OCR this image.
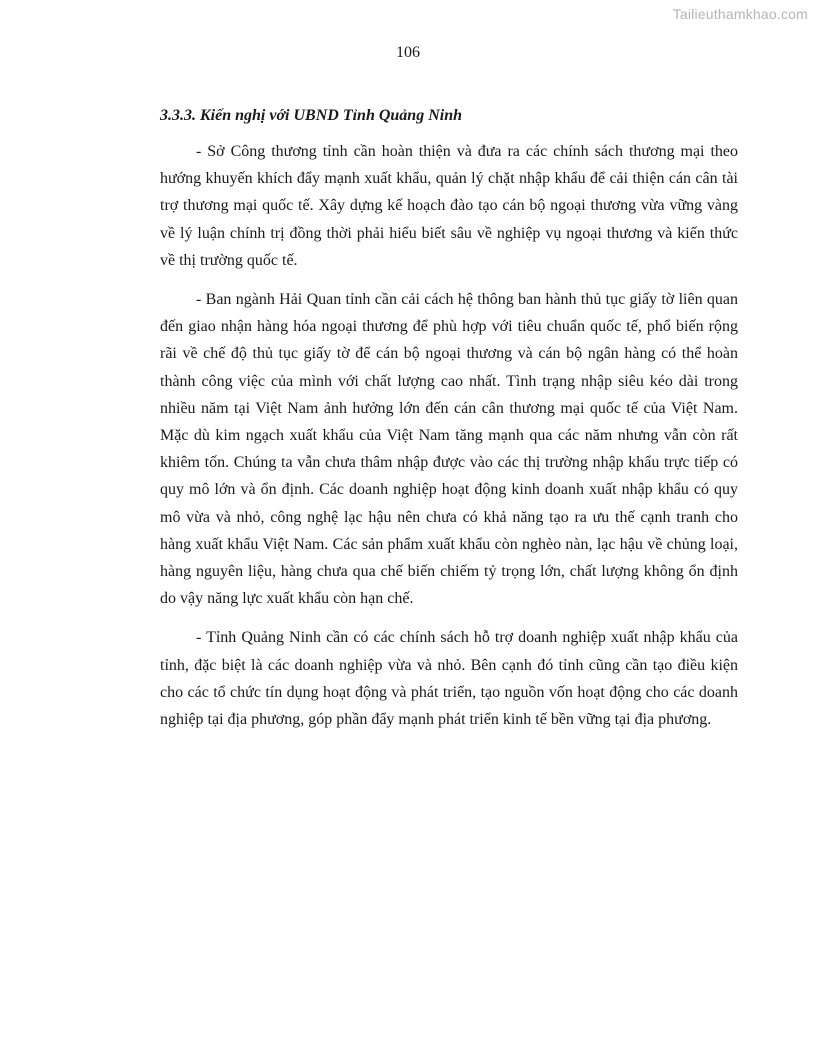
Tailieuthamkhao.com
106
3.3.3. Kiến nghị với UBND Tỉnh Quảng Ninh

- Sở Công thương tỉnh cần hoàn thiện và đưa ra các chính sách thương mại theo hướng khuyến khích đẩy mạnh xuất khẩu, quản lý chặt nhập khẩu để cải thiện cán cân tài trợ thương mại quốc tế. Xây dựng kế hoạch đào tạo cán bộ ngoại thương vừa vững vàng về lý luận chính trị đồng thời phải hiểu biết sâu về nghiệp vụ ngoại thương và kiến thức về thị trường quốc tế.

- Ban ngành Hải Quan tỉnh cần cải cách hệ thông ban hành thủ tục giấy tờ liên quan đến giao nhận hàng hóa ngoại thương để phù hợp với tiêu chuẩn quốc tế, phổ biến rộng rãi về chế độ thủ tục giấy tờ để cán bộ ngoại thương và cán bộ ngân hàng có thể hoàn thành công việc của mình với chất lượng cao nhất. Tình trạng nhập siêu kéo dài trong nhiều năm tại Việt Nam ảnh hưởng lớn đến cán cân thương mại quốc tế của Việt Nam. Mặc dù kim ngạch xuất khẩu của Việt Nam tăng mạnh qua các năm nhưng vẫn còn rất khiêm tốn. Chúng ta vẫn chưa thâm nhập được vào các thị trường nhập khẩu trực tiếp có quy mô lớn và ổn định. Các doanh nghiệp hoạt động kinh doanh xuất nhập khẩu có quy mô vừa và nhỏ, công nghệ lạc hậu nên chưa có khả năng tạo ra ưu thế cạnh tranh cho hàng xuất khẩu Việt Nam. Các sản phẩm xuất khẩu còn nghèo nàn, lạc hậu về chủng loại, hàng nguyên liệu, hàng chưa qua chế biến chiếm tỷ trọng lớn, chất lượng không ổn định do vậy năng lực xuất khẩu còn hạn chế.

- Tỉnh Quảng Ninh cần có các chính sách hỗ trợ doanh nghiệp xuất nhập khẩu của tỉnh, đặc biệt là các doanh nghiệp vừa và nhỏ. Bên cạnh đó tỉnh cũng cần tạo điều kiện cho các tổ chức tín dụng hoạt động và phát triển, tạo nguồn vốn hoạt động cho các doanh nghiệp tại địa phương, góp phần đẩy mạnh phát triển kinh tế bền vững tại địa phương.
